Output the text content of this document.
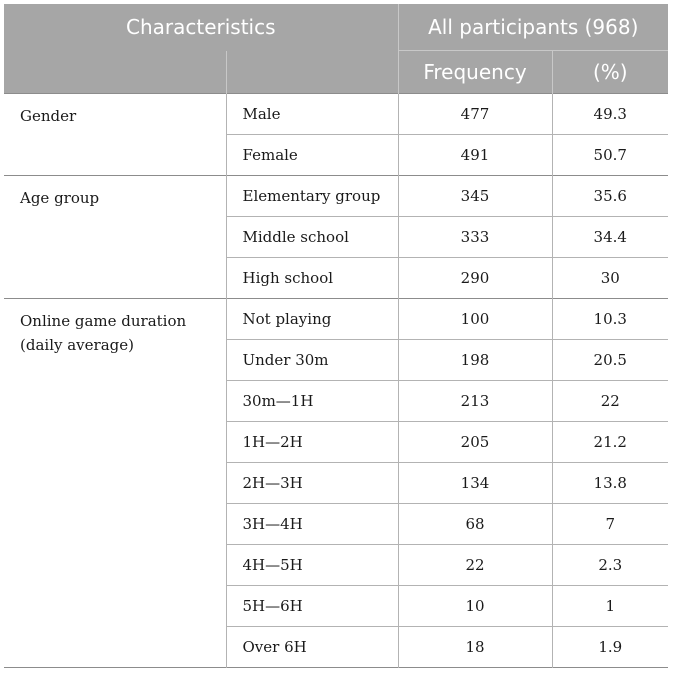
Characteristics		All participants (968)	
		Frequency	(%)
Gender	Male	477	49.3
	Female	491	50.7
Age group	Elementary group	345	35.6
	Middle school	333	34.4
	High school	290	30
Online game duration (daily average)	Not playing	100	10.3
	Under 30m	198	20.5
	30m—1H	213	22
	1H—2H	205	21.2
	2H—3H	134	13.8
	3H—4H	68	7
	4H—5H	22	2.3
	5H—6H	10	1
	Over 6H	18	1.9
